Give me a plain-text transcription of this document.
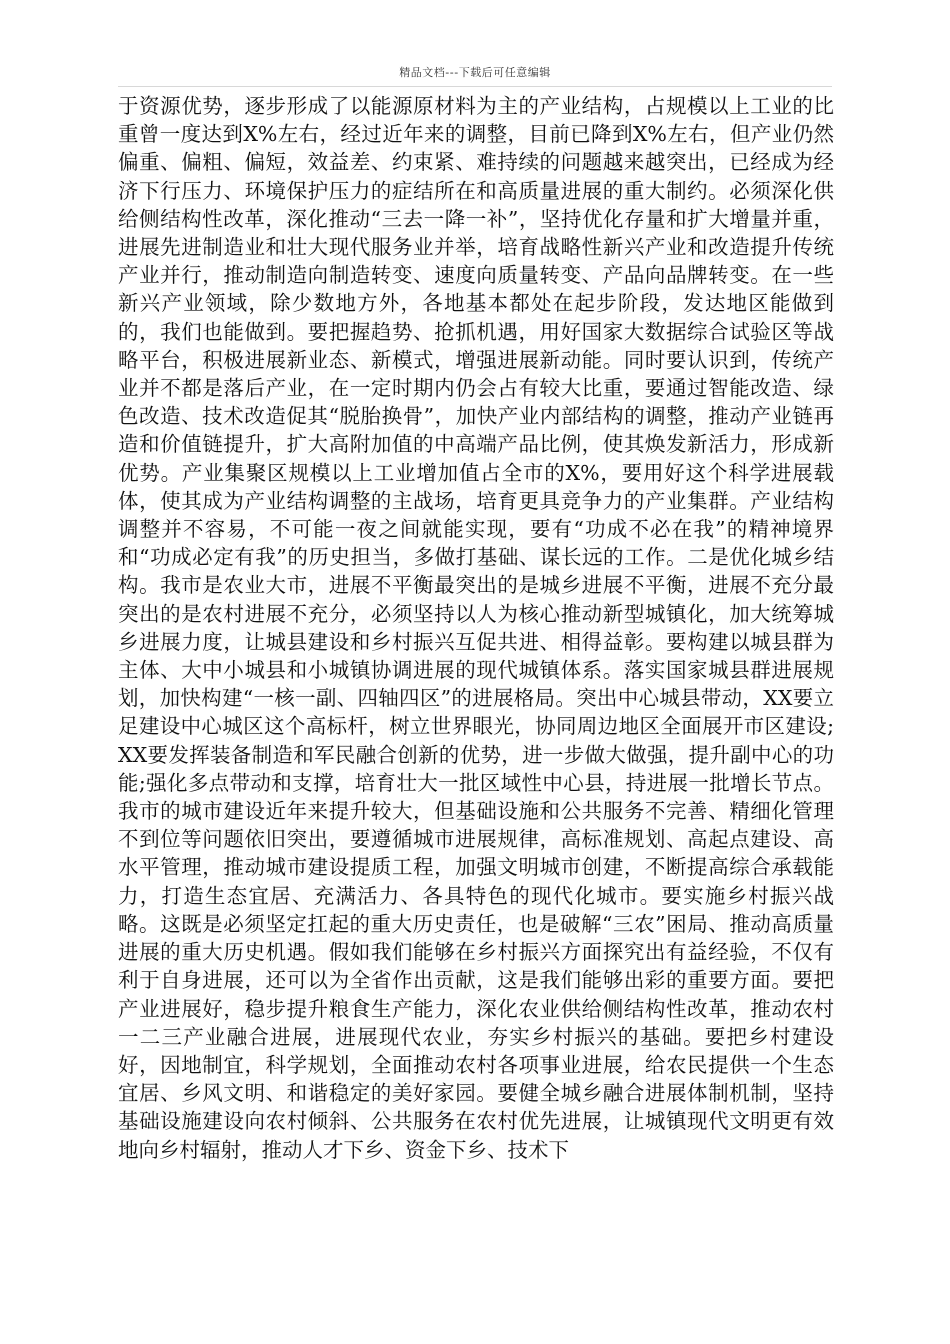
精品文档---下载后可任意编辑

于资源优势，逐步形成了以能源原材料为主的产业结构，占规模以上工业的比重曾一度达到X%左右，经过近年来的调整，目前已降到X%左右，但产业仍然偏重、偏粗、偏短，效益差、约束紧、难持续的问题越来越突出，已经成为经济下行压力、环境保护压力的症结所在和高质量进展的重大制约。必须深化供给侧结构性改革，深化推动“三去一降一补”，坚持优化存量和扩大增量并重，进展先进制造业和壮大现代服务业并举，培育战略性新兴产业和改造提升传统产业并行，推动制造向制造转变、速度向质量转变、产品向品牌转变。在一些新兴产业领域，除少数地方外，各地基本都处在起步阶段，发达地区能做到的，我们也能做到。要把握趋势、抢抓机遇，用好国家大数据综合试验区等战略平台，积极进展新业态、新模式，增强进展新动能。同时要认识到，传统产业并不都是落后产业，在一定时期内仍会占有较大比重，要通过智能改造、绿色改造、技术改造促其“脱胎换骨”，加快产业内部结构的调整，推动产业链再造和价值链提升，扩大高附加值的中高端产品比例，使其焕发新活力，形成新优势。产业集聚区规模以上工业增加值占全市的X%，要用好这个科学进展载体，使其成为产业结构调整的主战场，培育更具竞争力的产业集群。产业结构调整并不容易，不可能一夜之间就能实现，要有“功成不必在我”的精神境界和“功成必定有我”的历史担当，多做打基础、谋长远的工作。二是优化城乡结构。我市是农业大市，进展不平衡最突出的是城乡进展不平衡，进展不充分最突出的是农村进展不充分，必须坚持以人为核心推动新型城镇化，加大统筹城乡进展力度，让城县建设和乡村振兴互促共进、相得益彰。要构建以城县群为主体、大中小城县和小城镇协调进展的现代城镇体系。落实国家城县群进展规划，加快构建“一核一副、四轴四区”的进展格局。突出中心城县带动，XX要立足建设中心城区这个高标杆，树立世界眼光，协同周边地区全面展开市区建设;XX要发挥装备制造和军民融合创新的优势，进一步做大做强，提升副中心的功能;强化多点带动和支撑，培育壮大一批区域性中心县，持进展一批增长节点。我市的城市建设近年来提升较大，但基础设施和公共服务不完善、精细化管理不到位等问题依旧突出，要遵循城市进展规律，高标准规划、高起点建设、高水平管理，推动城市建设提质工程，加强文明城市创建，不断提高综合承载能力，打造生态宜居、充满活力、各具特色的现代化城市。要实施乡村振兴战略。这既是必须坚定扛起的重大历史责任，也是破解“三农”困局、推动高质量进展的重大历史机遇。假如我们能够在乡村振兴方面探究出有益经验，不仅有利于自身进展，还可以为全省作出贡献，这是我们能够出彩的重要方面。要把产业进展好，稳步提升粮食生产能力，深化农业供给侧结构性改革，推动农村一二三产业融合进展，进展现代农业，夯实乡村振兴的基础。要把乡村建设好，因地制宜，科学规划，全面推动农村各项事业进展，给农民提供一个生态宜居、乡风文明、和谐稳定的美好家园。要健全城乡融合进展体制机制，坚持基础设施建设向农村倾斜、公共服务在农村优先进展，让城镇现代文明更有效地向乡村辐射，推动人才下乡、资金下乡、技术下
